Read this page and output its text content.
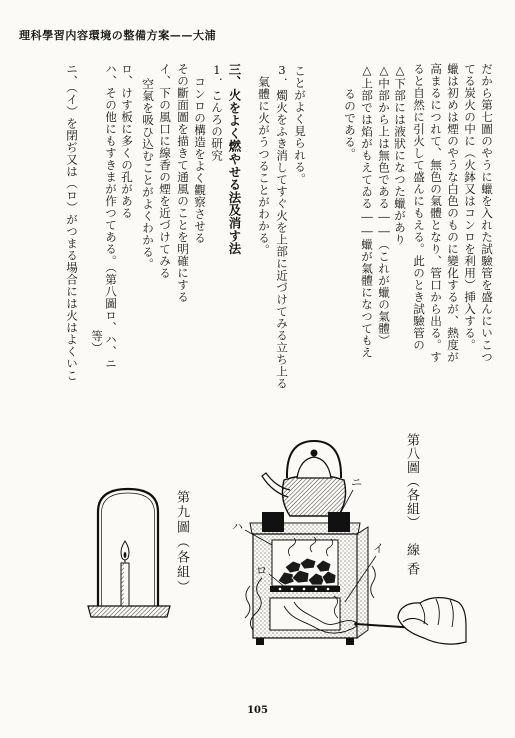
理科學習内容環境の整備方案——大浦
だから第七圖のやうに蠟を入れた試驗管を盛んにいこつ
てる炭火の中に（火鉢又はコンロを利用）挿入する。
蠟は初めは煙のやうな白色のものに變化するが、熱度が
高まるにつれて、無色の氣體となり、管口から出る。す
ると自然に引火して盛んにもえる。此のとき試驗管の
△下部には液狀になつた蠟があり
△中部から上は無色である――（これが蠟の氣體）
△上部では焰がもえてゐる――蠟が氣體になつてもえ
るのである。
ことがよく見られる。
3．燭火をふき消してすぐ火を上部に近づけてみる立ち上る
氣體に火がうつることがわかる。
三、火をよく燃やせる法及消す法
1．こんろの研究
コンロの構造をよく觀察させる
その斷面圖を描きて通風のことを明確にする
イ、下の風口に線香の煙を近づけてみる
空氣を吸ひ込むことがよくわかる。
ロ、けす板に多くの孔がある
ハ、その他にもすきまが作つてある。（第八圖ロ、ハ、ニ
等）
ニ、（イ）を閉ぢ又は（ロ）がつまる場合には火はよくいこ
第八圖（各組）
線香
第九圖（各組）
ニ
ハ
ロ
イ
105
